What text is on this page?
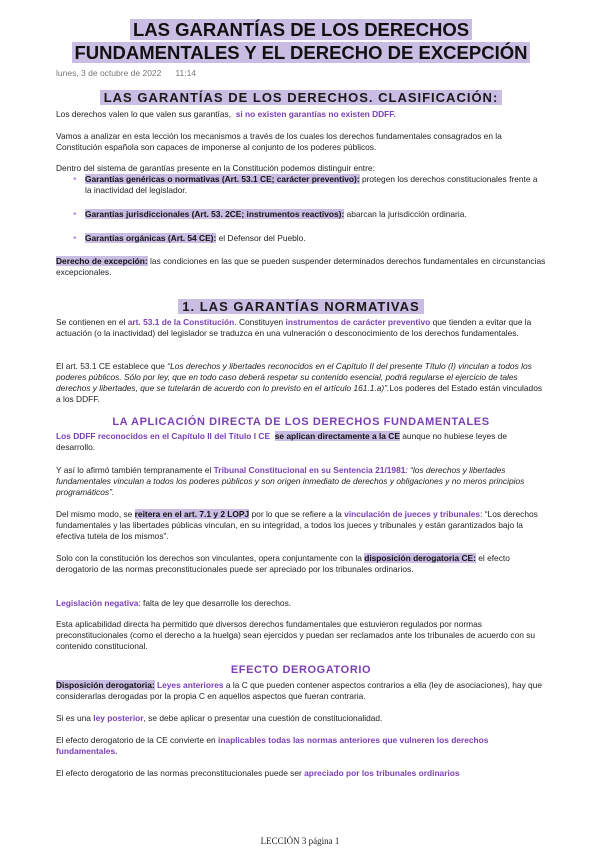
LAS GARANTÍAS DE LOS DERECHOS
FUNDAMENTALES Y EL DERECHO DE EXCEPCIÓN
lunes, 3 de octubre de 2022 11:14
LAS GARANTÍAS DE LOS DERECHOS. CLASIFICACIÓN:
Los derechos valen lo que valen sus garantías, si no existen garantías no existen DDFF.
Vamos a analizar en esta lección los mecanismos a través de los cuales los derechos fundamentales consagrados en la Constitución española son capaces de imponerse al conjunto de los poderes públicos.
Dentro del sistema de garantías presente en la Constitución podemos distinguir entre:
• Garantías genéricas o normativas (Art. 53.1 CE; carácter preventivo): protegen los derechos constitucionales frente a la inactividad del legislador.
• Garantías jurisdiccionales (Art. 53. 2CE; instrumentos reactivos): abarcan la jurisdicción ordinaria.
• Garantías orgánicas (Art. 54 CE): el Defensor del Pueblo.
Derecho de excepción: las condiciones en las que se pueden suspender determinados derechos fundamentales en circunstancias excepcionales.
1. LAS GARANTÍAS NORMATIVAS
Se contienen en el art. 53.1 de la Constitución. Constituyen instrumentos de carácter preventivo que tienden a evitar que la actuación (o la inactividad) del legislador se traduzca en una vulneración o desconocimiento de los derechos fundamentales.
El art. 53.1 CE establece que “Los derechos y libertades reconocidos en el Capítulo II del presente Título (I) vinculan a todos los poderes públicos. Sólo por ley, que en todo caso deberá respetar su contenido esencial, podrá regularse el ejercicio de tales derechos y libertades, que se tutelarán de acuerdo con lo previsto en el artículo 161.1.a)”.Los poderes del Estado están vinculados a los DDFF.
LA APLICACIÓN DIRECTA DE LOS DERECHOS FUNDAMENTALES
Los DDFF reconocidos en el Capítulo II del Título I CE se aplican directamente a la CE aunque no hubiese leyes de desarrollo.
Y así lo afirmó también tempranamente el Tribunal Constitucional en su Sentencia 21/1981: “los derechos y libertades fundamentales vinculan a todos los poderes públicos y son origen inmediato de derechos y obligaciones y no meros principios programáticos”.
Del mismo modo, se reitera en el art. 7.1 y 2 LOPJ por lo que se refiere a la vinculación de jueces y tribunales: “Los derechos fundamentales y las libertades públicas vinculan, en su integridad, a todos los jueces y tribunales y están garantizados bajo la efectiva tutela de los mismos”.
Solo con la constitución los derechos son vinculantes, opera conjuntamente con la disposición derogatoria CE: el efecto derogatorio de las normas preconstitucionales puede ser apreciado por los tribunales ordinarios.
Legislación negativa: falta de ley que desarrolle los derechos.
Esta aplicabilidad directa ha permitido que diversos derechos fundamentales que estuvieron regulados por normas preconstitucionales (como el derecho a la huelga) sean ejercidos y puedan ser reclamados ante los tribunales de acuerdo con su contenido constitucional.
EFECTO DEROGATORIO
Disposición derogatoria: Leyes anteriores a la C que pueden contener aspectos contrarios a ella (ley de asociaciones), hay que considerarlas derogadas por la propia C en aquellos aspectos que fueran contraria.
Si es una ley posterior, se debe aplicar o presentar una cuestión de constitucionalidad.
El efecto derogatorio de la CE convierte en inaplicables todas las normas anteriores que vulneren los derechos fundamentales.
El efecto derogatorio de las normas preconstitucionales puede ser apreciado por los tribunales ordinarios
LECCIÓN 3 página 1
